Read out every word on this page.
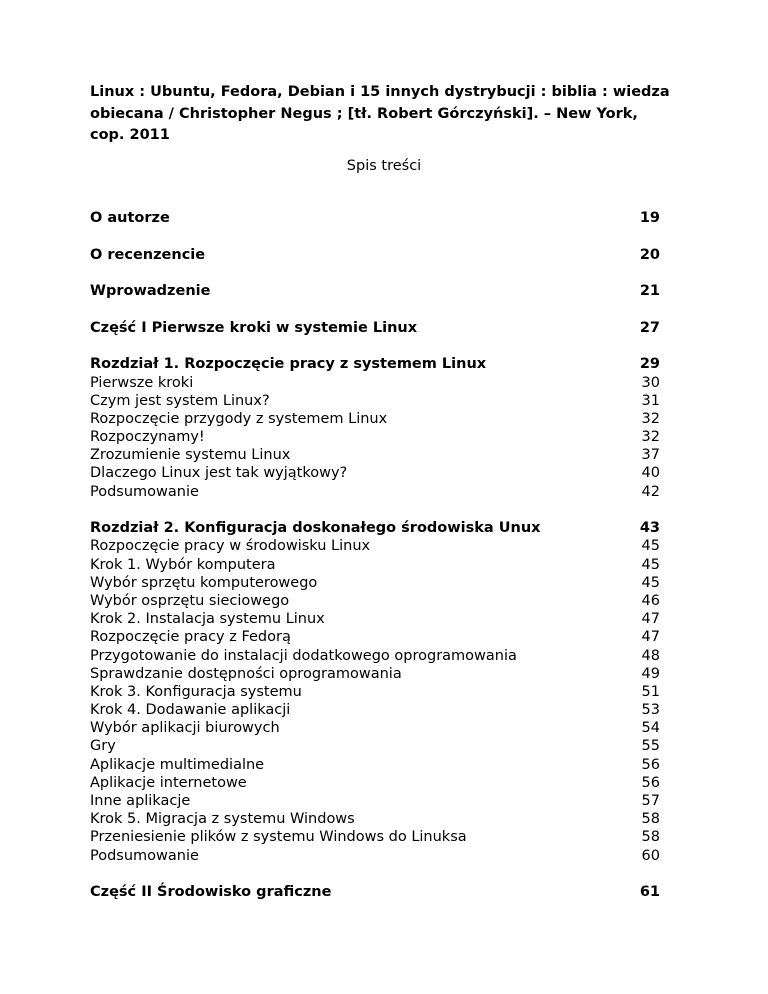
Linux : Ubuntu, Fedora, Debian i 15 innych dystrybucji : biblia : wiedza
obiecana / Christopher Negus ; [tł. Robert Górczyński]. – New York,
cop. 2011
Spis treści
O autorze	19
O recenzencie	20
Wprowadzenie	21
Część I Pierwsze kroki w systemie Linux	27
Rozdział 1. Rozpoczęcie pracy z systemem Linux	29
Pierwsze kroki	30
Czym jest system Linux?	31
Rozpoczęcie przygody z systemem Linux	32
Rozpoczynamy!	32
Zrozumienie systemu Linux	37
Dlaczego Linux jest tak wyjątkowy?	40
Podsumowanie	42
Rozdział 2. Konfiguracja doskonałego środowiska Unux	43
Rozpoczęcie pracy w środowisku Linux	45
Krok 1. Wybór komputera	45
Wybór sprzętu komputerowego	45
Wybór osprzętu sieciowego	46
Krok 2. Instalacja systemu Linux	47
Rozpoczęcie pracy z Fedorą	47
Przygotowanie do instalacji dodatkowego oprogramowania	48
Sprawdzanie dostępności oprogramowania	49
Krok 3. Konfiguracja systemu	51
Krok 4. Dodawanie aplikacji	53
Wybór aplikacji biurowych	54
Gry	55
Aplikacje multimedialne	56
Aplikacje internetowe	56
Inne aplikacje	57
Krok 5. Migracja z systemu Windows	58
Przeniesienie plików z systemu Windows do Linuksa	58
Podsumowanie	60
Część II Środowisko graficzne	61
